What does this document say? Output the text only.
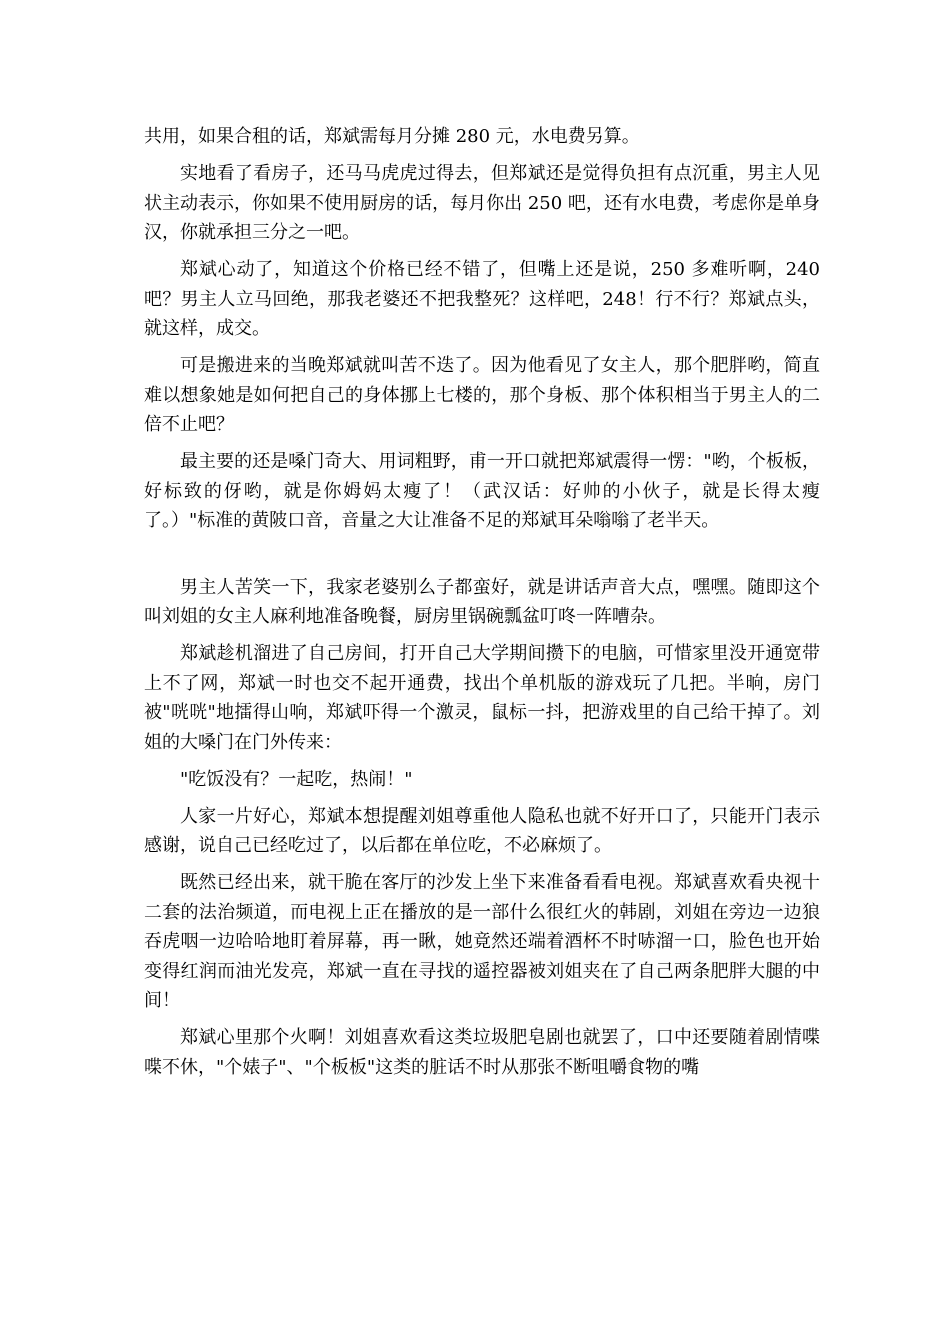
共用，如果合租的话，郑斌需每月分摊 280 元，水电费另算。

实地看了看房子，还马马虎虎过得去，但郑斌还是觉得负担有点沉重，男主人见状主动表示，你如果不使用厨房的话，每月你出 250 吧，还有水电费，考虑你是单身汉，你就承担三分之一吧。

郑斌心动了，知道这个价格已经不错了，但嘴上还是说，250 多难听啊，240 吧？男主人立马回绝，那我老婆还不把我整死？这样吧，248！行不行？郑斌点头，就这样，成交。

可是搬进来的当晚郑斌就叫苦不迭了。因为他看见了女主人，那个肥胖哟，简直难以想象她是如何把自己的身体挪上七楼的，那个身板、那个体积相当于男主人的二倍不止吧？

最主要的还是嗓门奇大、用词粗野，甫一开口就把郑斌震得一愣："哟，个板板，好标致的伢哟，就是你姆妈太瘦了！（武汉话：好帅的小伙子，就是长得太瘦了。）"标准的黄陂口音，音量之大让准备不足的郑斌耳朵嗡嗡了老半天。

男主人苦笑一下，我家老婆别么子都蛮好，就是讲话声音大点，嘿嘿。随即这个叫刘姐的女主人麻利地准备晚餐，厨房里锅碗瓢盆叮咚一阵嘈杂。

郑斌趁机溜进了自己房间，打开自己大学期间攒下的电脑，可惜家里没开通宽带上不了网，郑斌一时也交不起开通费，找出个单机版的游戏玩了几把。半晌，房门被"咣咣"地擂得山响，郑斌吓得一个激灵，鼠标一抖，把游戏里的自己给干掉了。刘姐的大嗓门在门外传来：

"吃饭没有？一起吃，热闹！"

人家一片好心，郑斌本想提醒刘姐尊重他人隐私也就不好开口了，只能开门表示感谢，说自己已经吃过了，以后都在单位吃，不必麻烦了。

既然已经出来，就干脆在客厅的沙发上坐下来准备看看电视。郑斌喜欢看央视十二套的法治频道，而电视上正在播放的是一部什么很红火的韩剧，刘姐在旁边一边狼吞虎咽一边哈哈地盯着屏幕，再一瞅，她竟然还端着酒杯不时哧溜一口，脸色也开始变得红润而油光发亮，郑斌一直在寻找的遥控器被刘姐夹在了自己两条肥胖大腿的中间！

郑斌心里那个火啊！刘姐喜欢看这类垃圾肥皂剧也就罢了，口中还要随着剧情喋喋不休，"个婊子"、"个板板"这类的脏话不时从那张不断咀嚼食物的嘴
